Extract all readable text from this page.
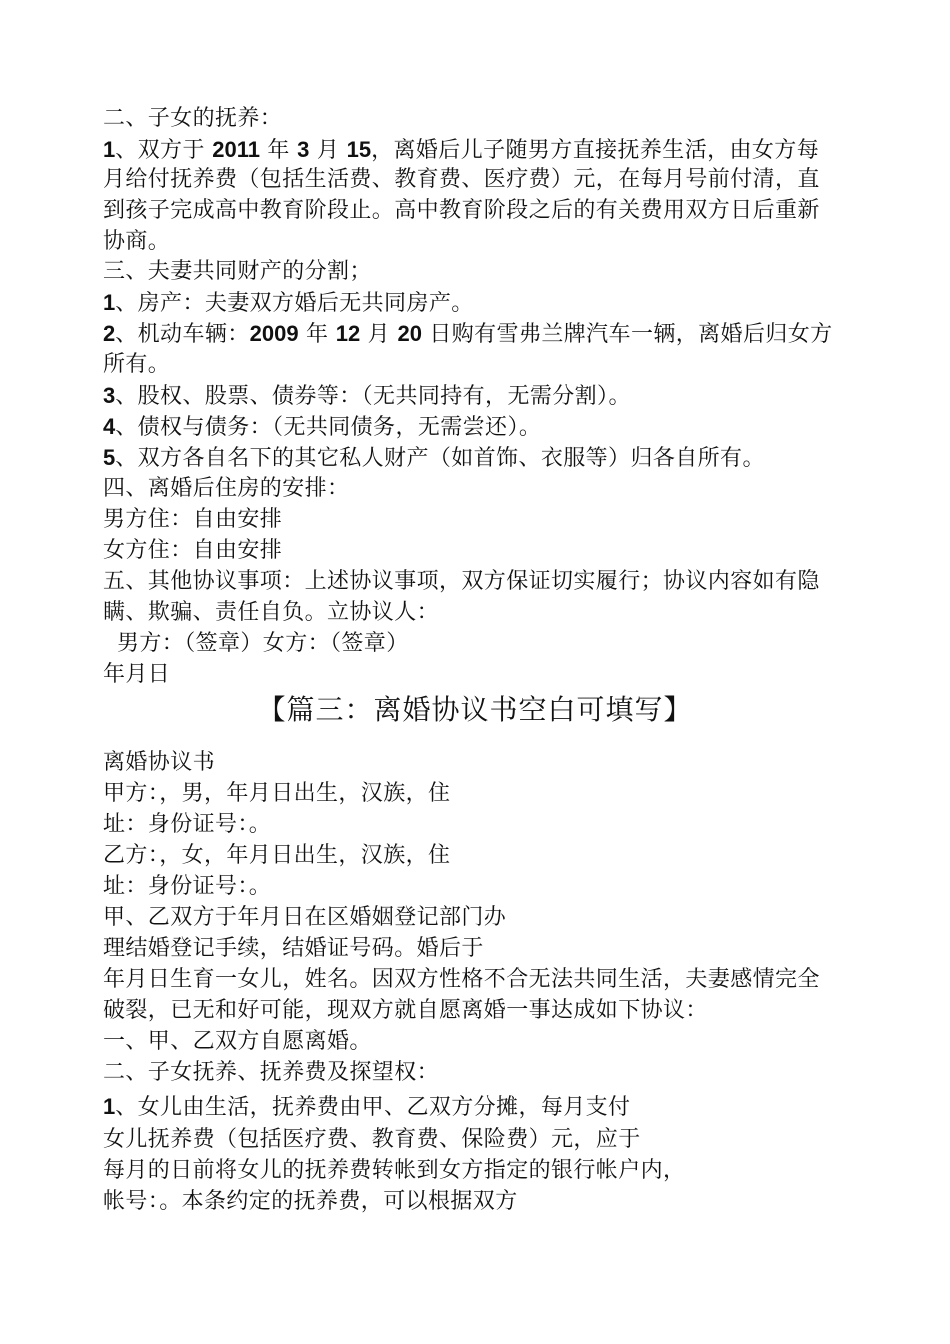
二、子女的抚养：

1、双方于 2011 年 3 月 15，离婚后儿子随男方直接抚养生活，由女方每

月给付抚养费（包括生活费、教育费、医疗费）元，在每月号前付清，直

到孩子完成高中教育阶段止。高中教育阶段之后的有关费用双方日后重新

协商。

三、夫妻共同财产的分割；

1、房产：夫妻双方婚后无共同房产。

2、机动车辆：2009 年 12 月 20 日购有雪弗兰牌汽车一辆，离婚后归女方

所有。

3、股权、股票、债券等：（无共同持有，无需分割）。

4、债权与债务：（无共同债务，无需尝还）。

5、双方各自名下的其它私人财产（如首饰、衣服等）归各自所有。

四、离婚后住房的安排：

男方住：自由安排

女方住：自由安排

五、其他协议事项：上述协议事项，双方保证切实履行；协议内容如有隐

瞒、欺骗、责任自负。立协议人：

男方：（签章）女方：（签章）

年月日

【篇三：离婚协议书空白可填写】

离婚协议书

甲方：，男，年月日出生，汉族，住

址：身份证号：。

乙方：，女，年月日出生，汉族，住

址：身份证号：。

甲、乙双方于年月日在区婚姻登记部门办

理结婚登记手续，结婚证号码。婚后于

年月日生育一女儿，姓名。因双方性格不合无法共同生活，夫妻感情完全

破裂，已无和好可能，现双方就自愿离婚一事达成如下协议：

一、甲、乙双方自愿离婚。

二、子女抚养、抚养费及探望权：

1、女儿由生活，抚养费由甲、乙双方分摊，每月支付

女儿抚养费（包括医疗费、教育费、保险费）元，应于

每月的日前将女儿的抚养费转帐到女方指定的银行帐户内，

帐号：。本条约定的抚养费，可以根据双方
